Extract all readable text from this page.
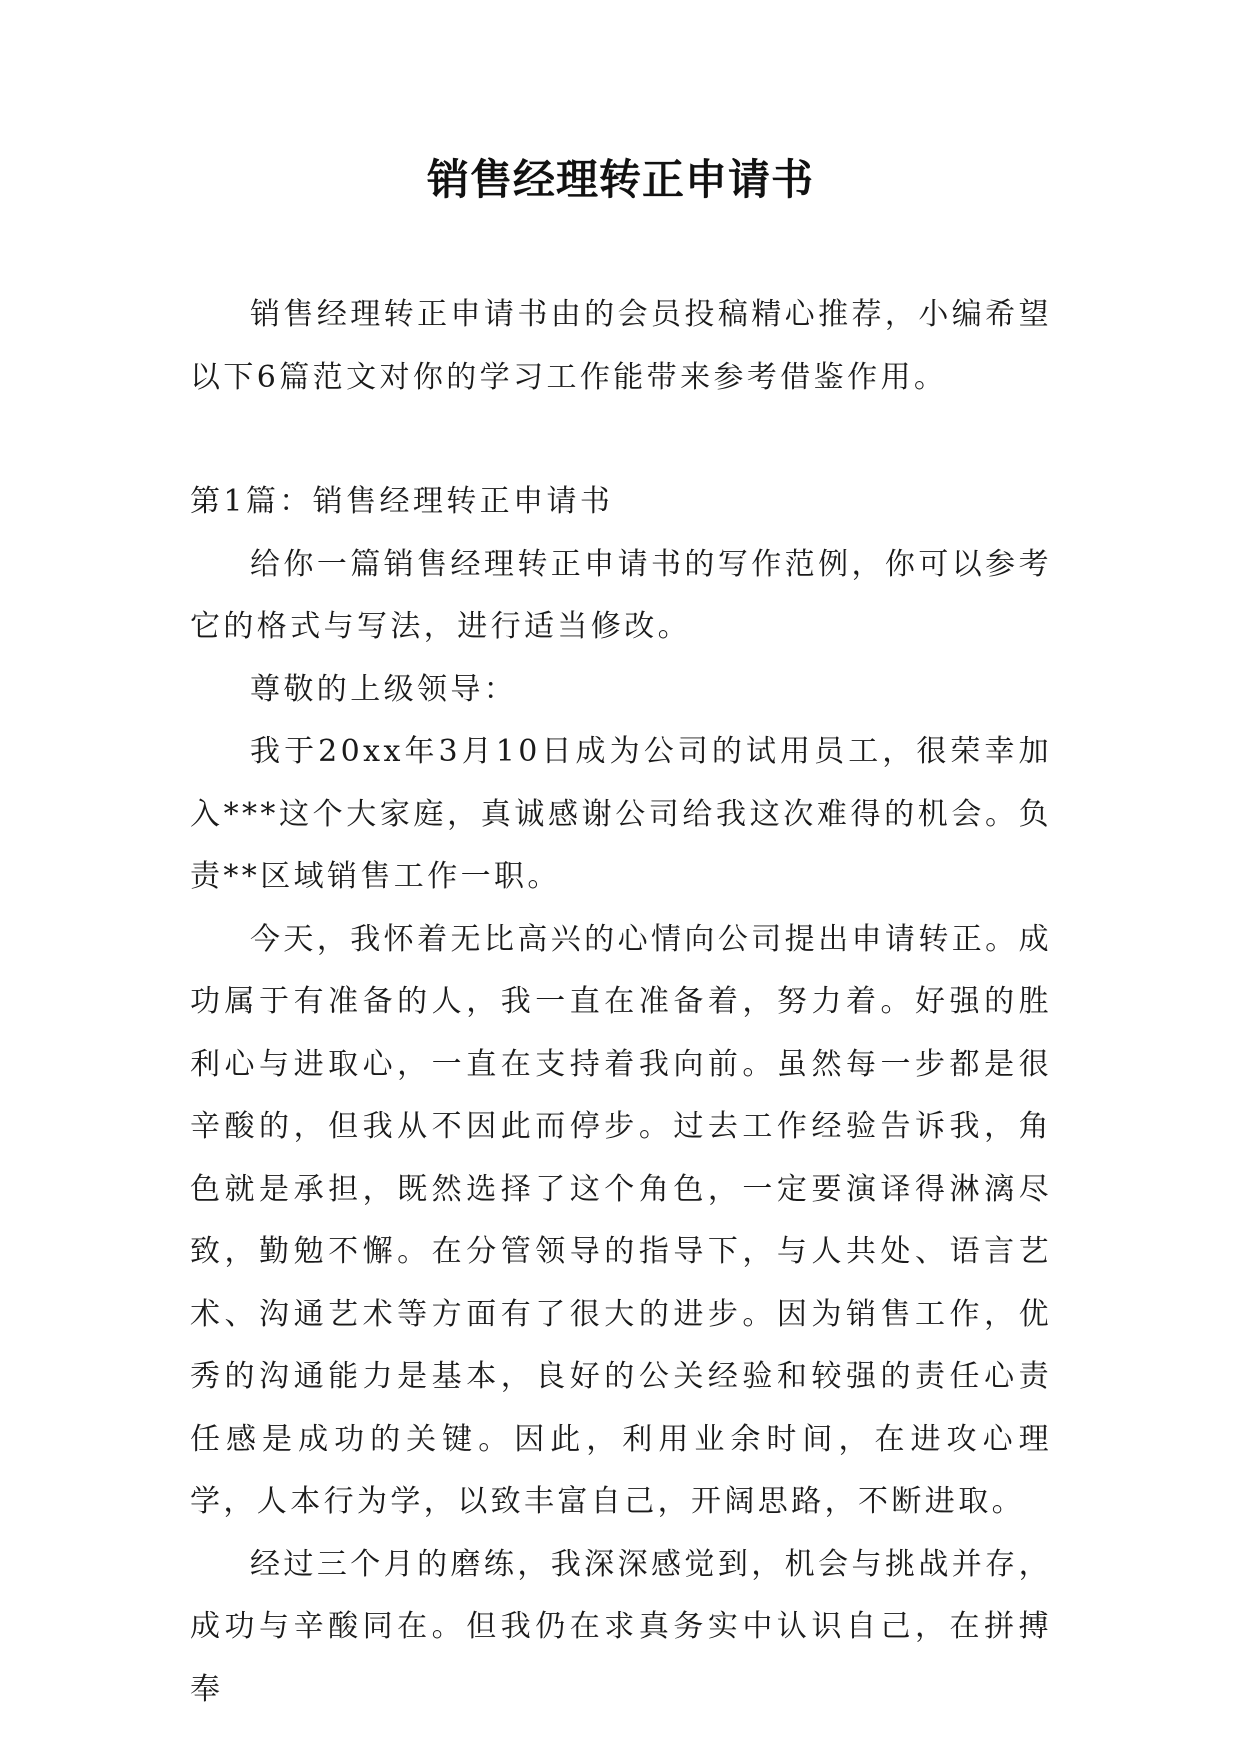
销售经理转正申请书

销售经理转正申请书由的会员投稿精心推荐，小编希望以下6篇范文对你的学习工作能带来参考借鉴作用。

第1篇：销售经理转正申请书

给你一篇销售经理转正申请书的写作范例，你可以参考它的格式与写法，进行适当修改。

尊敬的上级领导：

我于20xx年3月10日成为公司的试用员工，很荣幸加入***这个大家庭，真诚感谢公司给我这次难得的机会。负责**区域销售工作一职。

今天，我怀着无比高兴的心情向公司提出申请转正。成功属于有准备的人，我一直在准备着，努力着。好强的胜利心与进取心，一直在支持着我向前。虽然每一步都是很辛酸的，但我从不因此而停步。过去工作经验告诉我，角色就是承担，既然选择了这个角色，一定要演译得淋漓尽致，勤勉不懈。在分管领导的指导下，与人共处、语言艺术、沟通艺术等方面有了很大的进步。因为销售工作，优秀的沟通能力是基本，良好的公关经验和较强的责任心责任感是成功的关键。因此，利用业余时间，在进攻心理学，人本行为学，以致丰富自己，开阔思路，不断进取。

经过三个月的磨练，我深深感觉到，机会与挑战并存，成功与辛酸同在。但我仍在求真务实中认识自己，在拼搏奉
